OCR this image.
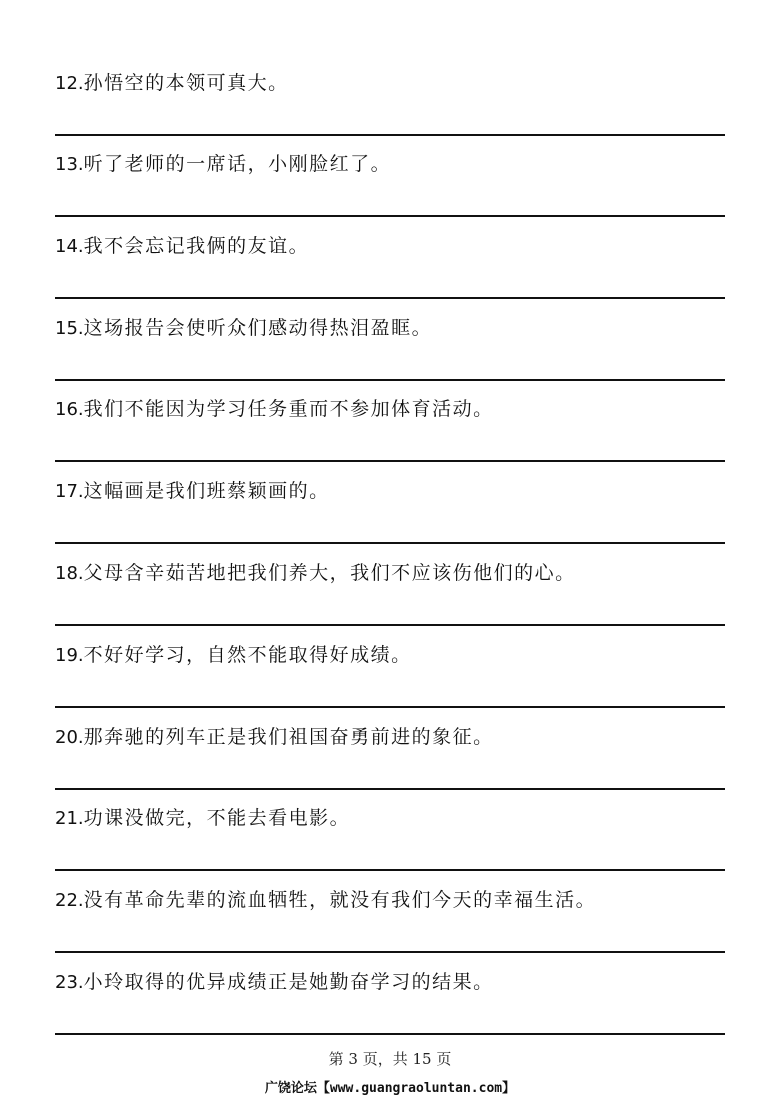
12.孙悟空的本领可真大。
13.听了老师的一席话，小刚脸红了。
14.我不会忘记我俩的友谊。
15.这场报告会使听众们感动得热泪盈眶。
16.我们不能因为学习任务重而不参加体育活动。
17.这幅画是我们班蔡颖画的。
18.父母含辛茹苦地把我们养大，我们不应该伤他们的心。
19.不好好学习，自然不能取得好成绩。
20.那奔驰的列车正是我们祖国奋勇前进的象征。
21.功课没做完，不能去看电影。
22.没有革命先辈的流血牺牲，就没有我们今天的幸福生活。
23.小玲取得的优异成绩正是她勤奋学习的结果。
第 3 页，共 15 页
广饶论坛【www.guangraoluntan.com】
